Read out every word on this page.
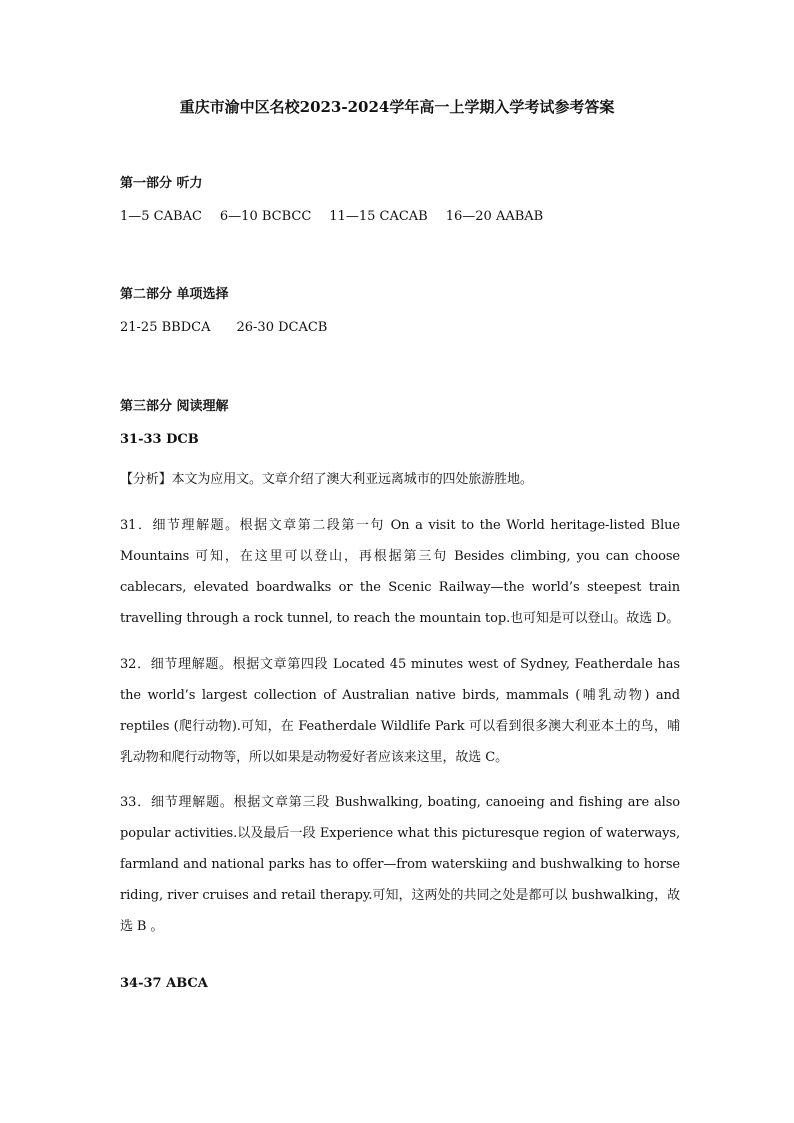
重庆市渝中区名校2023-2024学年高一上学期入学考试参考答案
第一部分 听力
1—5 CABAC 6—10 BCBCC 11—15 CACAB 16—20 AABAB
第二部分 单项选择
21-25 BBDCA 26-30 DCACB
第三部分 阅读理解
31-33 DCB
【分析】本文为应用文。文章介绍了澳大利亚远离城市的四处旅游胜地。
31．细节理解题。根据文章第二段第一句 On a visit to the World heritage-listed Blue Mountains 可知，在这里可以登山，再根据第三句 Besides climbing, you can choose cablecars, elevated boardwalks or the Scenic Railway—the world’s steepest train travelling through a rock tunnel, to reach the mountain top.也可知是可以登山。故选 D。
32．细节理解题。根据文章第四段 Located 45 minutes west of Sydney, Featherdale has the world’s largest collection of Australian native birds, mammals (哺乳动物) and reptiles (爬行动物).可知，在 Featherdale Wildlife Park 可以看到很多澳大利亚本土的鸟，哺乳动物和爬行动物等，所以如果是动物爱好者应该来这里，故选 C。
33．细节理解题。根据文章第三段 Bushwalking, boating, canoeing and fishing are also popular activities.以及最后一段 Experience what this picturesque region of waterways, farmland and national parks has to offer—from waterskiing and bushwalking to horse riding, river cruises and retail therapy.可知，这两处的共同之处是都可以 bushwalking，故选 B 。
34-37 ABCA
